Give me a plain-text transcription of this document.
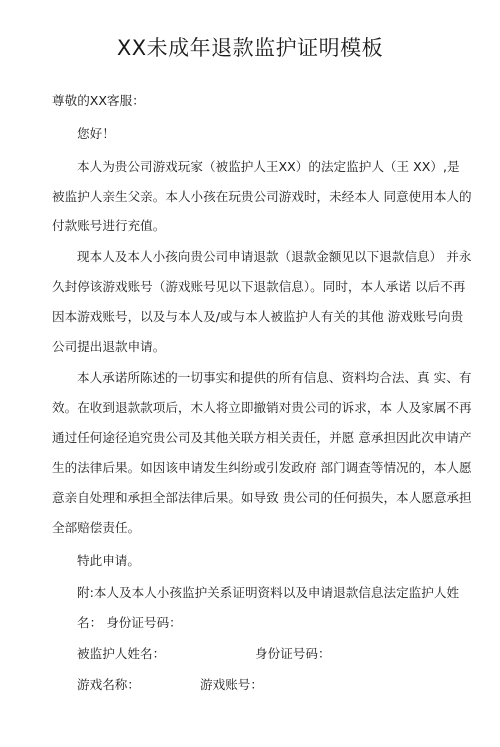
XX未成年退款监护证明模板
尊敬的XX客服：
您好！
本人为贵公司游戏玩家（被监护人王XX）的法定监护人（王 XX）,是
被监护人亲生父亲。本人小孩在玩贵公司游戏时，未经本人 同意使用本人的
付款账号进行充值。
现本人及本人小孩向贵公司申请退款（退款金额见以下退款信息） 并永
久封停该游戏账号（游戏账号见以下退款信息）。同时，本人承诺 以后不再
因本游戏账号，以及与本人及/或与本人被监护人有关的其他 游戏账号向贵
公司提出退款申请。
本人承诺所陈述的一切事实和提供的所有信息、资料均合法、真 实、有
效。在收到退款款项后，木人将立即撤销对贵公司的诉求，本 人及家属不再
通过任何途径追究贵公司及其他关联方相关责任，并愿 意承担因此次申请产
生的法律后果。如因该申请发生纠纷或引发政府 部门调查等情况的，本人愿
意亲自处理和承担全部法律后果。如导致 贵公司的任何损失，本人愿意承担
全部赔偿责任。
特此申请。
附:本人及本人小孩监护关系证明资料以及申请退款信息法定监护人姓
名： 身份证号码：
被监护人姓名：	身份证号码：
游戏名称：	游戏账号：
